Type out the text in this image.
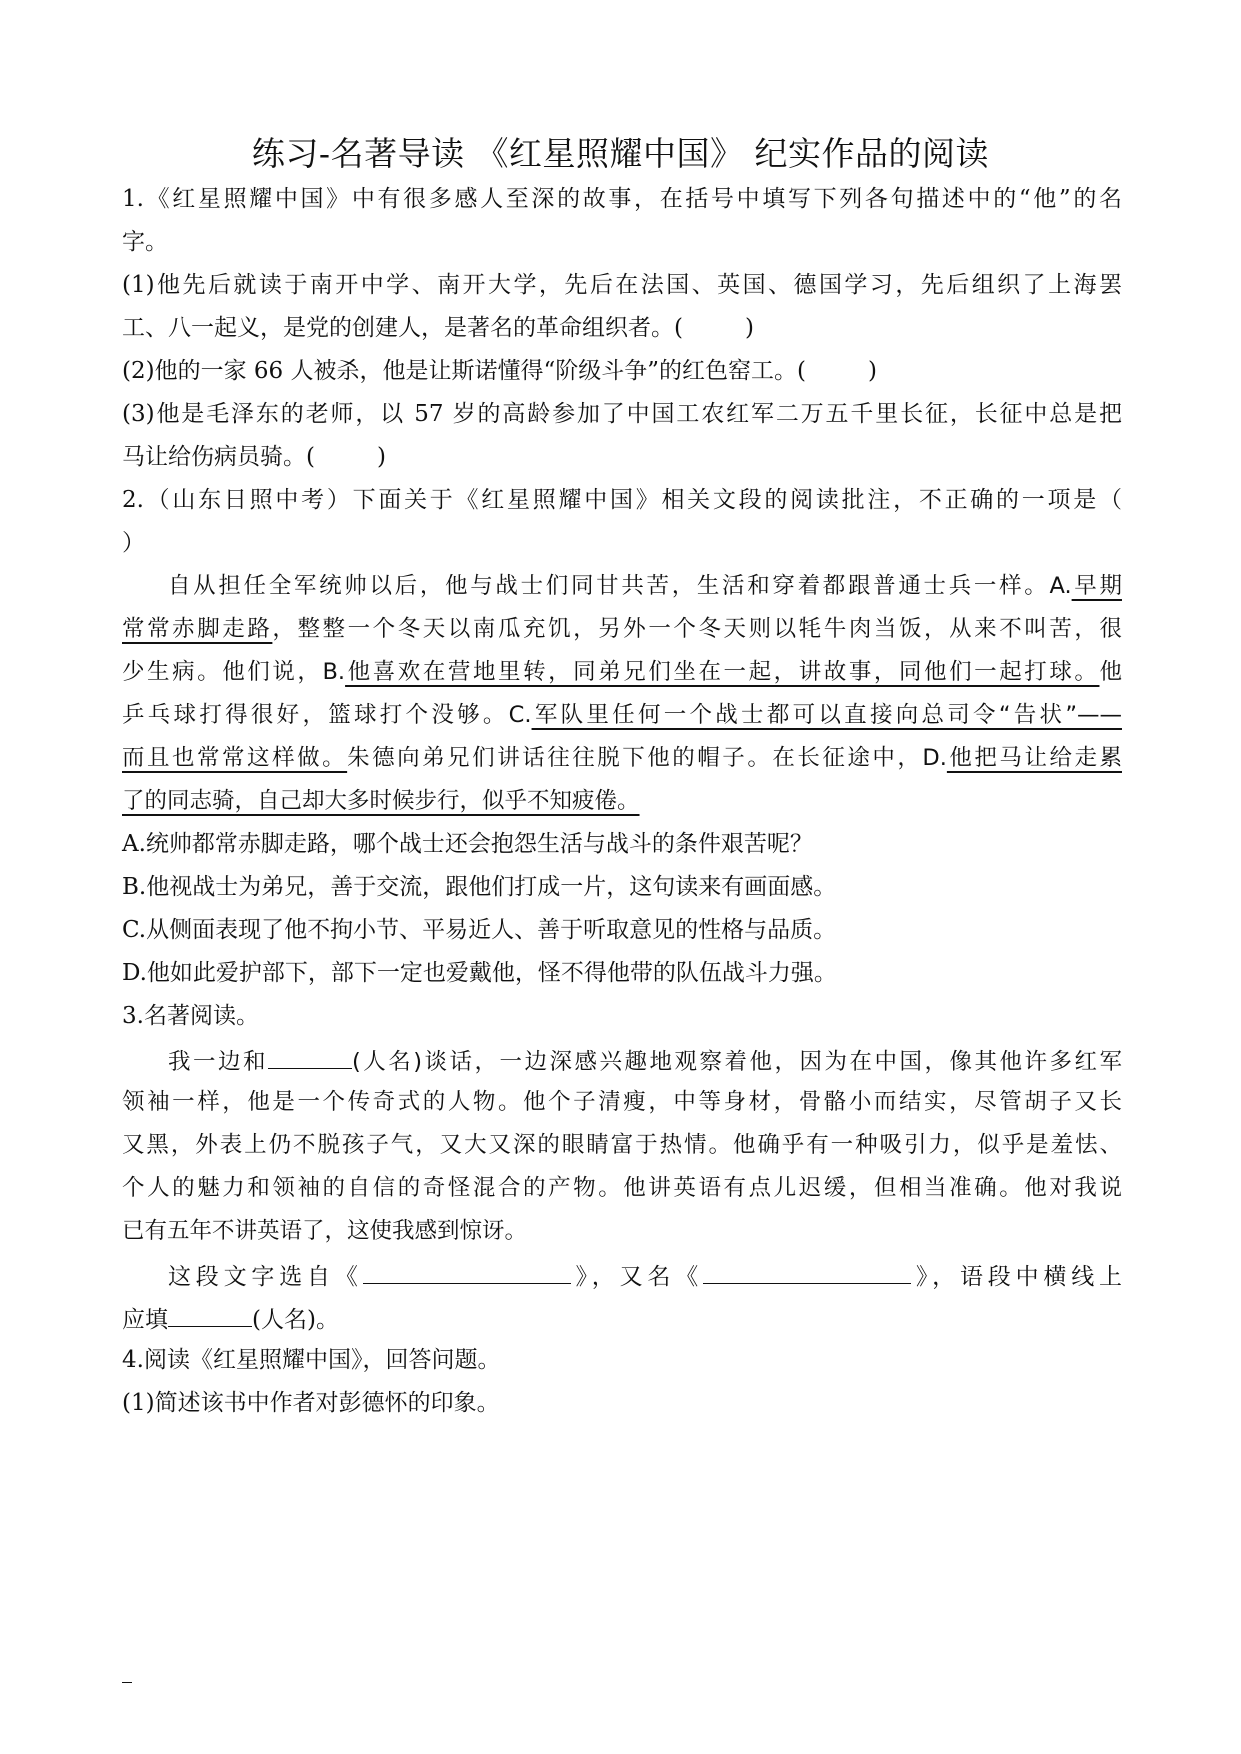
练习-名著导读 《红星照耀中国》 纪实作品的阅读
1.《红星照耀中国》中有很多感人至深的故事，在括号中填写下列各句描述中的“他”的名
字。
(1)他先后就读于南开中学、南开大学，先后在法国、英国、德国学习，先后组织了上海罢
工、八一起义，是党的创建人，是著名的革命组织者。(	)
(2)他的一家 66 人被杀，他是让斯诺懂得“阶级斗争”的红色窑工。(	)
(3)他是毛泽东的老师，以 57 岁的高龄参加了中国工农红军二万五千里长征，长征中总是把
马让给伤病员骑。(	)
2.（山东日照中考）下面关于《红星照耀中国》相关文段的阅读批注，不正确的一项是（
）
自从担任全军统帅以后，他与战士们同甘共苦，生活和穿着都跟普通士兵一样。A.早期
常常赤脚走路，整整一个冬天以南瓜充饥，另外一个冬天则以牦牛肉当饭，从来不叫苦，很
少生病。他们说，B.他喜欢在营地里转，同弟兄们坐在一起，讲故事，同他们一起打球。他
乒乓球打得很好，篮球打个没够。C.军队里任何一个战士都可以直接向总司令“告状”——
而且也常常这样做。朱德向弟兄们讲话往往脱下他的帽子。在长征途中，D.他把马让给走累
了的同志骑，自己却大多时候步行，似乎不知疲倦。
A.统帅都常赤脚走路，哪个战士还会抱怨生活与战斗的条件艰苦呢？
B.他视战士为弟兄，善于交流，跟他们打成一片，这句读来有画面感。
C.从侧面表现了他不拘小节、平易近人、善于听取意见的性格与品质。
D.他如此爱护部下，部下一定也爱戴他，怪不得他带的队伍战斗力强。
3.名著阅读。
我一边和	(人名)谈话，一边深感兴趣地观察着他，因为在中国，像其他许多红军
领袖一样，他是一个传奇式的人物。他个子清瘦，中等身材，骨骼小而结实，尽管胡子又长
又黑，外表上仍不脱孩子气，又大又深的眼睛富于热情。他确乎有一种吸引力，似乎是羞怯、
个人的魅力和领袖的自信的奇怪混合的产物。他讲英语有点儿迟缓，但相当准确。他对我说
已有五年不讲英语了，这使我感到惊讶。
这段文字选自《	》，又名《	》，语段中横线上
应填	(人名)。
4.阅读《红星照耀中国》，回答问题。
(1)简述该书中作者对彭德怀的印象。
